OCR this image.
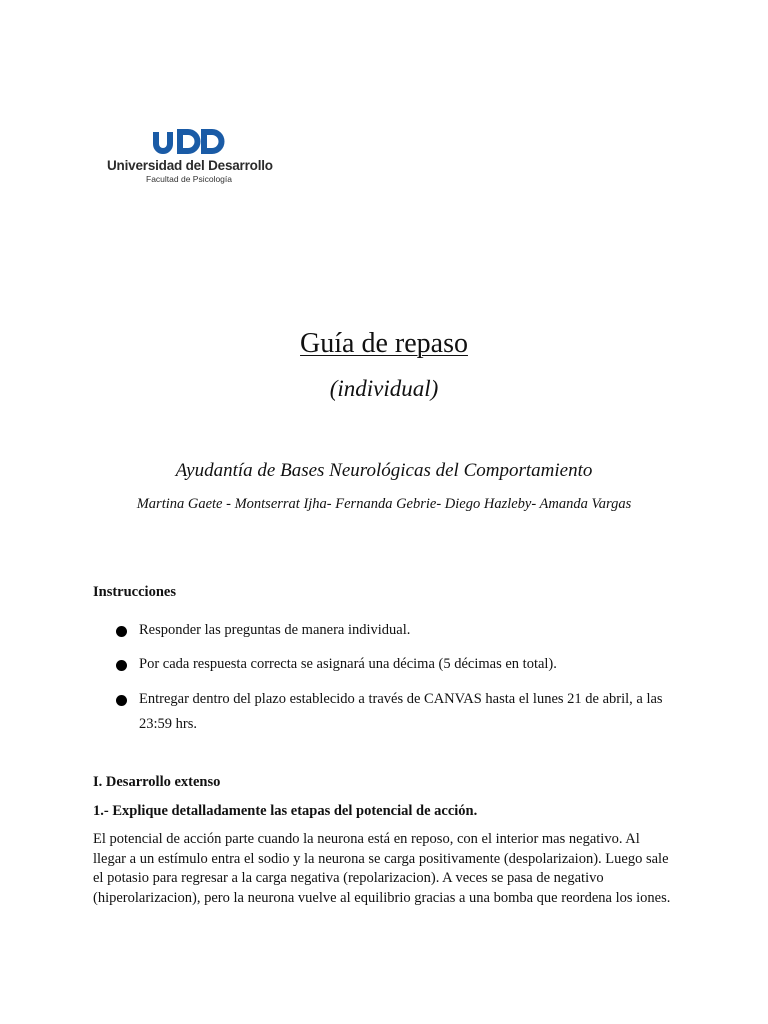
Universidad del Desarrollo
Facultad de Psicología
Guía de repaso
(individual)
Ayudantía de Bases Neurológicas del Comportamiento
Martina Gaete - Montserrat Ijha- Fernanda Gebrie- Diego Hazleby- Amanda Vargas
Instrucciones
Responder las preguntas de manera individual.
Por cada respuesta correcta se asignará una décima (5 décimas en total).
Entregar dentro del plazo establecido a través de CANVAS hasta el lunes 21 de abril, a las 23:59 hrs.
I. Desarrollo extenso
1.- Explique detalladamente las etapas del potencial de acción.
El potencial de acción parte cuando la neurona está en reposo, con el interior mas negativo. Al llegar a un estímulo entra el sodio y la neurona se carga positivamente (despolarizaion). Luego sale el potasio para regresar a la carga negativa (repolarizacion). A veces se pasa de negativo (hiperolarizacion), pero la neurona vuelve al equilibrio gracias a una bomba que reordena los iones.
